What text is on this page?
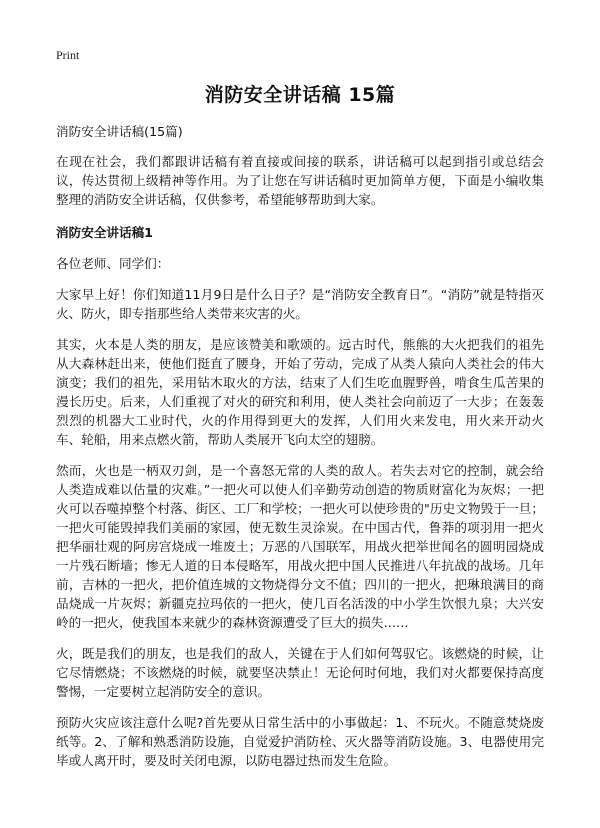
Print
消防安全讲话稿 15篇

消防安全讲话稿(15篇)

在现在社会，我们都跟讲话稿有着直接或间接的联系，讲话稿可以起到指引或总结会议，传达贯彻上级精神等作用。为了让您在写讲话稿时更加简单方便，下面是小编收集整理的消防安全讲话稿，仅供参考，希望能够帮助到大家。

消防安全讲话稿1

各位老师、同学们：

大家早上好！你们知道11月9日是什么日子？是“消防安全教育日”。“消防”就是特指灭火、防火，即专指那些给人类带来灾害的火。

其实，火本是人类的朋友，是应该赞美和歌颂的。远古时代，熊熊的大火把我们的祖先从大森林赶出来，使他们挺直了腰身，开始了劳动，完成了从类人猿向人类社会的伟大演变；我们的祖先，采用钻木取火的方法，结束了人们生吃血腥野兽，啃食生瓜苦果的漫长历史。后来，人们重视了对火的研究和利用，使人类社会向前迈了一大步；在轰轰烈烈的机器大工业时代，火的作用得到更大的发挥，人们用火来发电，用火来开动火车、轮船，用来点燃火箭，帮助人类展开飞向太空的翅膀。

然而，火也是一柄双刃剑，是一个喜怒无常的人类的敌人。若失去对它的控制，就会给人类造成难以估量的灾难。”一把火可以使人们辛勤劳动创造的物质财富化为灰烬；一把火可以吞噬掉整个村落、街区、工厂和学校；一把火可以使珍贵的"历史文物毁于一旦；一把火可能毁掉我们美丽的家园，使无数生灵涂炭。在中国古代，鲁莽的项羽用一把火把华丽壮观的阿房宫烧成一堆废土；万恶的八国联军，用战火把举世闻名的圆明园烧成一片残石断墙；惨无人道的日本侵略军，用战火把中国人民推进八年抗战的战场。几年前，吉林的一把火，把价值连城的文物烧得分文不值；四川的一把火，把琳琅满目的商品烧成一片灰烬；新疆克拉玛依的一把火，使几百名活泼的中小学生饮恨九泉；大兴安岭的一把火，使我国本来就少的森林资源遭受了巨大的损失……

火，既是我们的朋友，也是我们的敌人，关键在于人们如何驾驭它。该燃烧的时候，让它尽情燃烧；不该燃烧的时候，就要坚决禁止！无论何时何地，我们对火都要保持高度警惕，一定要树立起消防安全的意识。

预防火灾应该注意什么呢?首先要从日常生活中的小事做起：1、不玩火。不随意焚烧废纸等。2、了解和熟悉消防设施，自觉爱护消防栓、灭火器等消防设施。3、电器使用完毕或人离开时，要及时关闭电源，以防电器过热而发生危险。
